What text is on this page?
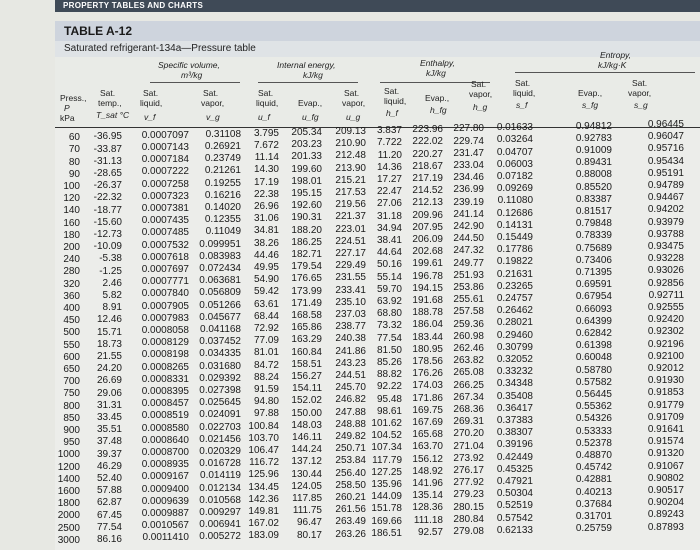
PROPERTY TABLES AND CHARTS
TABLE A-12
Saturated refrigerant-134a—Pressure table
Specific volume,
m³/kg
Internal energy,
kJ/kg
Enthalpy,
kJ/kg
Entropy,
kJ/kg·K
Press.,
P
kPa
Sat.
temp.,
T_sat °C
Sat.
liquid,
v_f
Sat.
vapor,
v_g
Sat.
liquid,
u_f
Evap.,
u_fg
Sat.
vapor,
u_g
Sat.
liquid,
h_f
Evap.,
h_fg
Sat.
vapor,
h_g
Sat.
liquid,
s_f
Evap.,
s_fg
Sat.
vapor,
s_g
60 -36.95 0.0007097 0.31108 3.795 205.34 209.13 3.837 223.96 227.80 0.01633	0.94812	0.96445
70 -33.87 0.0007143 0.26921 7.672 203.23 210.90 7.722 222.02 229.74 0.03264	0.92783	0.96047
80 -31.13 0.0007184 0.23749 11.14 201.33 212.48 11.20 220.27 231.47 0.04707	0.91009	0.95716
90 -28.65 0.0007222 0.21261 14.30 199.60 213.90 14.36 218.67 233.04 0.06003	0.89431	0.95434
100 -26.37 0.0007258 0.19255 17.19 198.01 215.21 17.27 217.19 234.46 0.07182	0.88008	0.95191
120 -22.32 0.0007323 0.16216 22.38 195.15 217.53 22.47 214.52 236.99 0.09269	0.85520	0.94789
140 -18.77 0.0007381 0.14020 26.96 192.60 219.56 27.06 212.13 239.19 0.11080	0.83387	0.94467
160 -15.60 0.0007435 0.12355 31.06 190.31 221.37 31.18 209.96 241.14 0.12686	0.81517	0.94202
180 -12.73 0.0007485 0.11049 34.81 188.20 223.01 34.94 207.95 242.90 0.14131	0.79848	0.93979
200 -10.09 0.0007532 0.099951 38.26 186.25 224.51 38.41 206.09 244.50 0.15449	0.78339	0.93788
240 -5.38 0.0007618 0.083983 44.46 182.71 227.17 44.64 202.68 247.32 0.17786	0.75689	0.93475
280 -1.25 0.0007697 0.072434 49.95 179.54 229.49 50.16 199.61 249.77 0.19822	0.73406	0.93228
320 2.46 0.0007771 0.063681 54.90 176.65 231.55 55.14 196.78 251.93 0.21631	0.71395	0.93026
360 5.82 0.0007840 0.056809 59.42 173.99 233.41 59.70 194.15 253.86 0.23265	0.69591	0.92856
400 8.91 0.0007905 0.051266 63.61 171.49 235.10 63.92 191.68 255.61 0.24757	0.67954	0.92711
450 12.46 0.0007983 0.045677 68.44 168.58 237.03 68.80 188.78 257.58 0.26462	0.66093	0.92555
500 15.71 0.0008058 0.041168 72.92 165.86 238.77 73.32 186.04 259.36 0.28021	0.64399	0.92420
550 18.73 0.0008129 0.037452 77.09 163.29 240.38 77.54 183.44 260.98 0.29460	0.62842	0.92302
600 21.55 0.0008198 0.034335 81.01 160.84 241.86 81.50 180.95 262.46 0.30799	0.61398	0.92196
650 24.20 0.0008265 0.031680 84.72 158.51 243.23 85.26 178.56 263.82 0.32052	0.60048	0.92100
700 26.69 0.0008331 0.029392 88.24 156.27 244.51 88.82 176.26 265.08 0.33232	0.58780	0.92012
750 29.06 0.0008395 0.027398 91.59 154.11 245.70 92.22 174.03 266.25 0.34348	0.57582	0.91930
800 31.31 0.0008457 0.025645 94.80 152.02 246.82 95.48 171.86 267.34 0.35408	0.56445	0.91853
850 33.45 0.0008519 0.024091 97.88 150.00 247.88 98.61 169.75 268.36 0.36417	0.55362	0.91779
900 35.51 0.0008580 0.022703 100.84 148.03 248.88 101.62 167.69 269.31 0.37383	0.54326	0.91709
950 37.48 0.0008640 0.021456 103.70 146.11 249.82 104.52 165.68 270.20 0.38307	0.53333	0.91641
1000 39.37 0.0008700 0.020329 106.47 144.24 250.71 107.34 163.70 271.04 0.39196	0.52378	0.91574
1200 46.29 0.0008935 0.016728 116.72 137.12 253.84 117.79 156.12 273.92 0.42449	0.48870	0.91320
1400 52.40 0.0009167 0.014119 125.96 130.44 256.40 127.25 148.92 276.17 0.45325	0.45742	0.91067
1600 57.88 0.0009400 0.012134 134.45 124.05 258.50 135.96 141.96 277.92 0.47921	0.42881	0.90802
1800 62.87 0.0009639 0.010568 142.36 117.85 260.21 144.09 135.14 279.23 0.50304	0.40213	0.90517
2000 67.45 0.0009887 0.009297 149.81 111.75 261.56 151.78 128.36 280.15 0.52519	0.37684	0.90204
2500 77.54 0.0010567 0.006941 167.02 96.47 263.49 169.66 111.18 280.84 0.57542	0.31701	0.89243
3000 86.16 0.0011410 0.005272 183.09 80.17 263.26 186.51 92.57 279.08 0.62133	0.25759	0.87893
